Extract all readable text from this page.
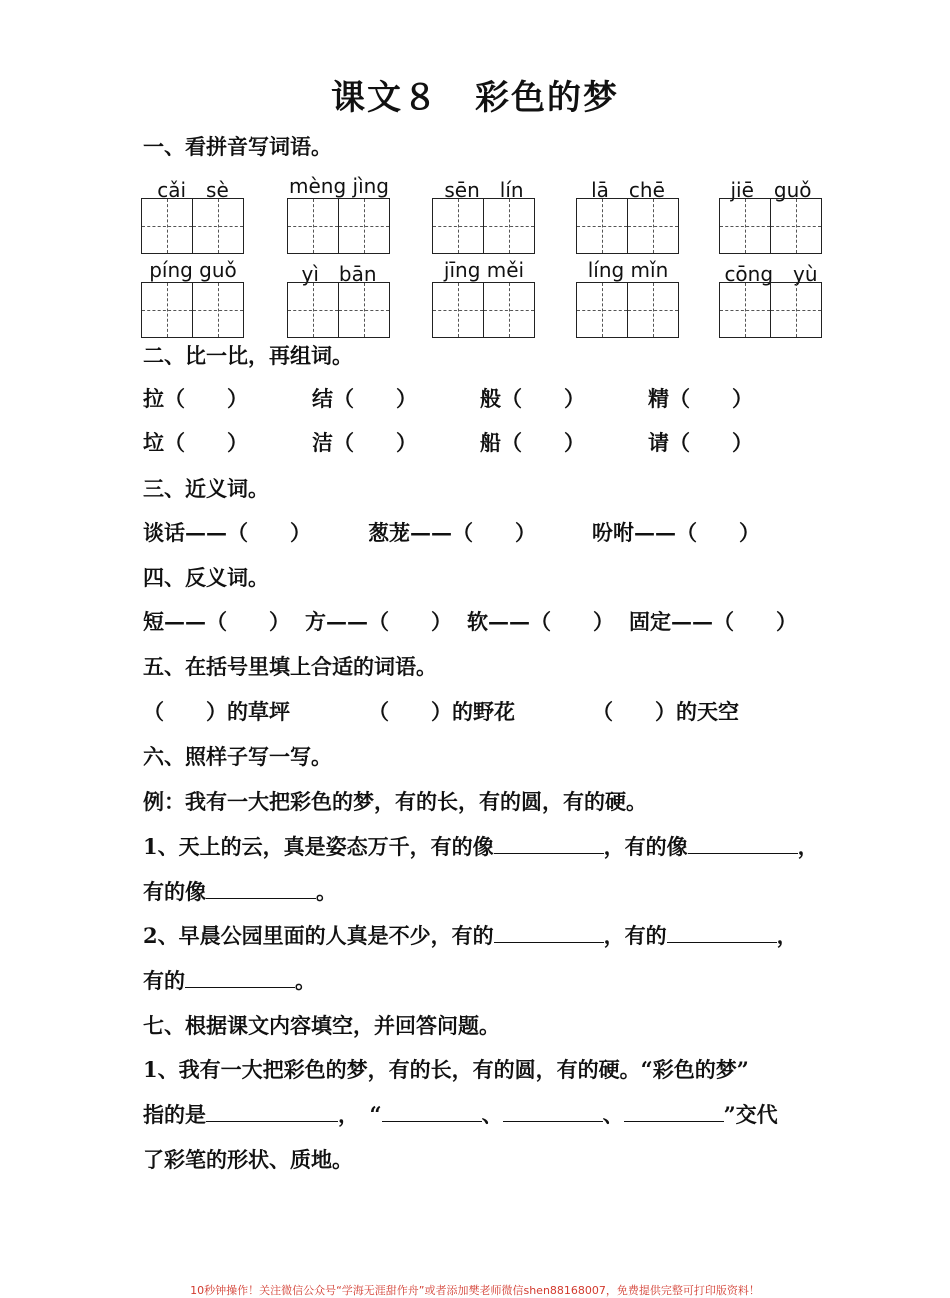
课文８　彩色的梦
一、看拼音写词语。
cǎi　sè	mèng jìng	sēn　lín	lā　chē	jiē　guǒ
píng guǒ	yì　bān	jīng měi	líng mǐn	cōng　yù
二、比一比，再组词。
拉（　　）	结（　　）	般（　　）	精（　　）
垃（　　）	洁（　　）	船（　　）	请（　　）
三、近义词。
谈话——（　　）	葱茏——（　　）	吩咐——（　　）
四、反义词。
短——（　　） 方——（　　） 软——（　　） 固定——（　　）
五、在括号里填上合适的词语。
（　　）的草坪	（　　）的野花	（　　）的天空
六、照样子写一写。
例：我有一大把彩色的梦，有的长，有的圆，有的硬。
1、天上的云，真是姿态万千，有的像	，有的像	，
有的像	。
2、早晨公园里面的人真是不少，有的	，有的	，
有的	。
七、根据课文内容填空，并回答问题。
1、我有一大把彩色的梦，有的长，有的圆，有的硬。“彩色的梦”
指的是	，　“	、	、	”交代
了彩笔的形状、质地。
10秒钟操作！关注微信公众号“学海无涯甜作舟”或者添加樊老师微信shen88168007，免费提供完整可打印版资料！
